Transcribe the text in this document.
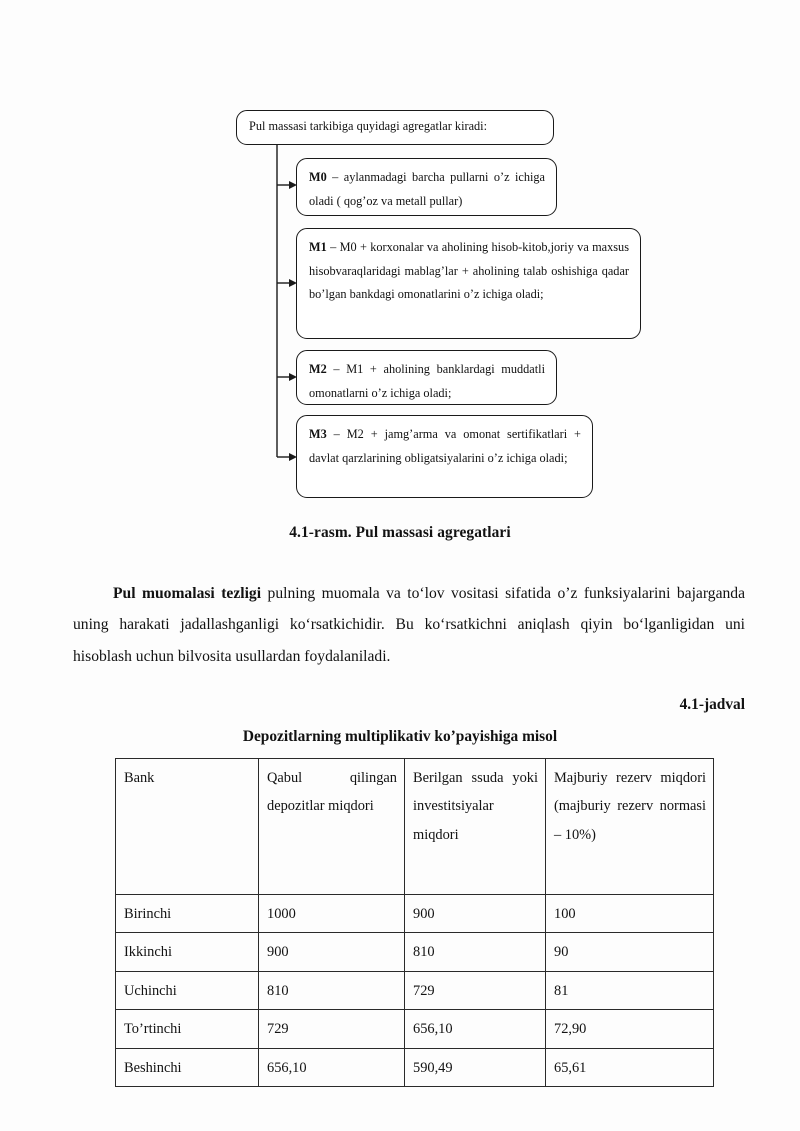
Pul massasi tarkibiga quyidagi agregatlar kiradi:
M0 – aylanmadagi barcha pullarni o’z ichiga oladi ( qog’oz va metall pullar)
M1 – M0 + korxonalar va aholining hisob-kitob,joriy va maxsus hisobvaraqlaridagi mablag’lar + aholining talab oshishiga qadar bo’lgan bankdagi omonatlarini o’z ichiga oladi;
M2 – M1 + aholining banklardagi muddatli omonatlarni o’z ichiga oladi;
M3 – M2 + jamg’arma va omonat sertifikatlari + davlat qarzlarining obligatsiyalarini o’z ichiga oladi;
4.1-rasm. Pul massasi agregatlari

Pul muomalasi tezligi pulning muomala va to‘lov vositasi sifatida o’z funksiyalarini bajarganda uning harakati jadallashganligi ko‘rsatkichidir. Bu ko‘rsatkichni aniqlash qiyin bo‘lganligidan uni hisoblash uchun bilvosita usullardan foydalaniladi.

4.1-jadval
Depozitlarning multiplikativ ko’payishiga misol
Bank	Qabul qilingan depozitlar miqdori	Berilgan ssuda yoki investitsiyalar miqdori	Majburiy rezerv miqdori (majburiy rezerv normasi – 10%)
Birinchi	1000	900	100
Ikkinchi	900	810	90
Uchinchi	810	729	81
To’rtinchi	729	656,10	72,90
Beshinchi	656,10	590,49	65,61
